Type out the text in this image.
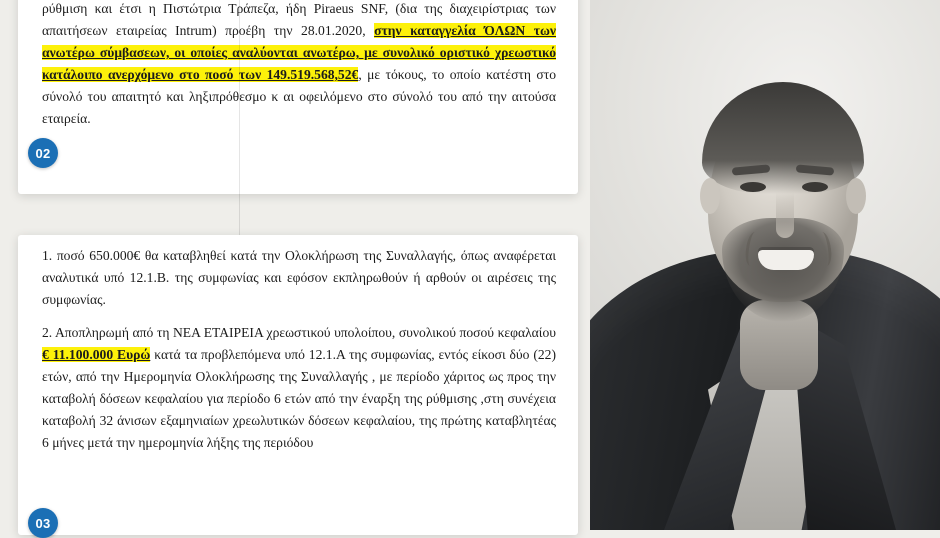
ρύθμιση και έτσι η Πιστώτρια Τράπεζα, ήδη Piraeus SNF, (δια της διαχειρίστριας των απαιτήσεων εταιρείας Intrum) προέβη την 28.01.2020, στην καταγγελία ΌΛΩΝ των ανωτέρω σύμβασεων, οι οποίες αναλύονται ανωτέρω, με συνολικό οριστικό χρεωστικό κατάλοιπο ανερχόμενο στο ποσό των 149.519.568,52€, με τόκους, το οποίο κατέστη στο σύνολό του απαιτητό και ληξιπρόθεσμο κ αι οφειλόμενο στο σύνολό του από την αιτούσα εταιρεία.

1. ποσό 650.000€ θα καταβληθεί κατά την Ολοκλήρωση της Συναλλαγής, όπως αναφέρεται αναλυτικά υπό 12.1.Β. της συμφωνίας και εφόσον εκπληρωθούν ή αρθούν οι αιρέσεις της συμφωνίας.

2. Αποπληρωμή από τη ΝΕΑ ΕΤΑΙΡΕΙΑ χρεωστικού υπολοίπου, συνολικού ποσού κεφαλαίου € 11.100.000 Ευρώ κατά τα προβλεπόμενα υπό 12.1.Α της συμφωνίας, εντός είκοσι δύο (22) ετών, από την Ημερομηνία Ολοκλήρωσης της Συναλλαγής , με περίοδο χάριτος ως προς την καταβολή δόσεων κεφαλαίου για περίοδο 6 ετών από την έναρξη της ρύθμισης ,στη συνέχεια καταβολή 32 άνισων εξαμηνιαίων χρεωλυτικών δόσεων κεφαλαίου, της πρώτης καταβλητέας 6 μήνες μετά την ημερομηνία λήξης της περιόδου

02
03
